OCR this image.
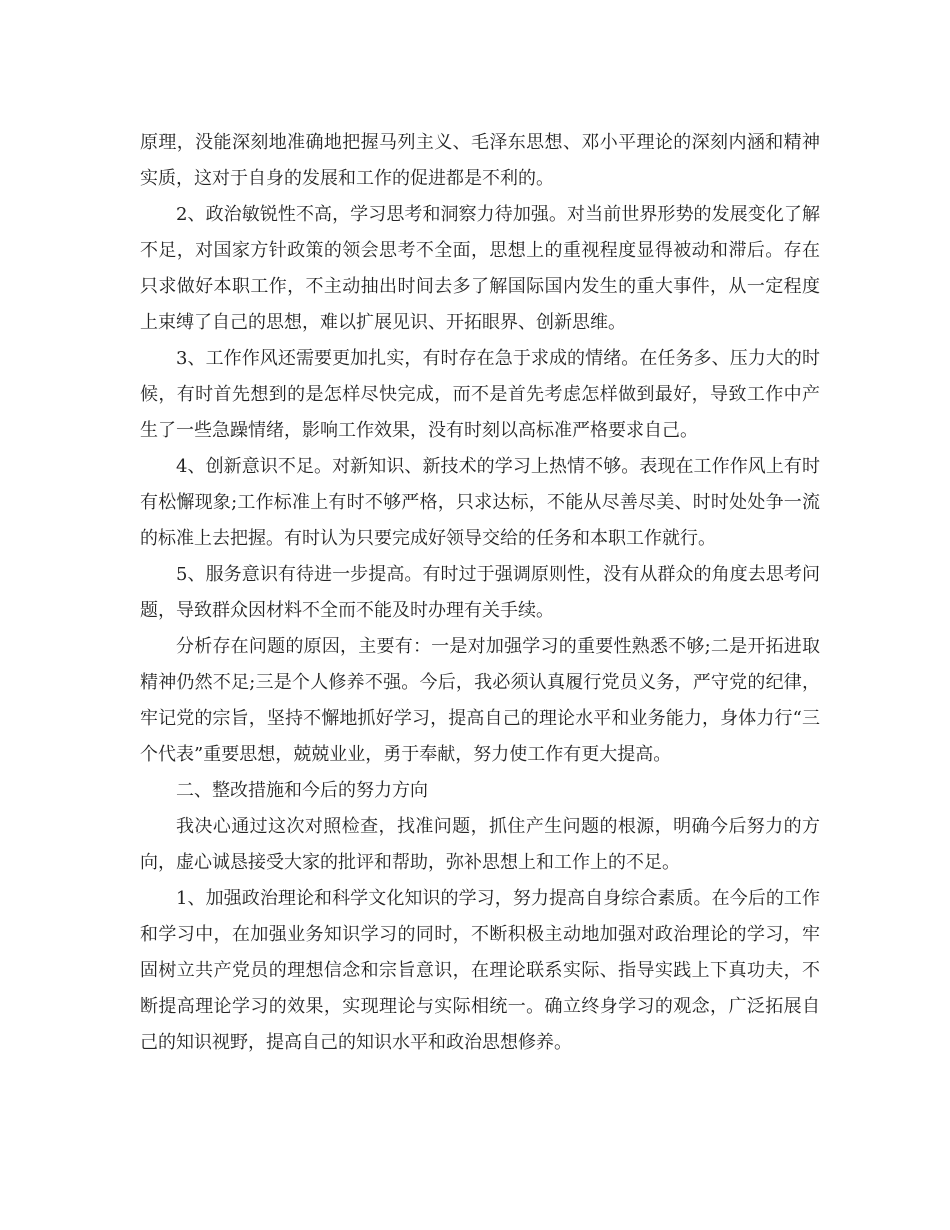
原理，没能深刻地准确地把握马列主义、毛泽东思想、邓小平理论的深刻内涵和精神实质，这对于自身的发展和工作的促进都是不利的。

2、政治敏锐性不高，学习思考和洞察力待加强。对当前世界形势的发展变化了解不足，对国家方针政策的领会思考不全面，思想上的重视程度显得被动和滞后。存在只求做好本职工作，不主动抽出时间去多了解国际国内发生的重大事件，从一定程度上束缚了自己的思想，难以扩展见识、开拓眼界、创新思维。

3、工作作风还需要更加扎实，有时存在急于求成的情绪。在任务多、压力大的时候，有时首先想到的是怎样尽快完成，而不是首先考虑怎样做到最好，导致工作中产生了一些急躁情绪，影响工作效果，没有时刻以高标准严格要求自己。

4、创新意识不足。对新知识、新技术的学习上热情不够。表现在工作作风上有时有松懈现象;工作标准上有时不够严格，只求达标，不能从尽善尽美、时时处处争一流的标准上去把握。有时认为只要完成好领导交给的任务和本职工作就行。

5、服务意识有待进一步提高。有时过于强调原则性，没有从群众的角度去思考问题，导致群众因材料不全而不能及时办理有关手续。

分析存在问题的原因，主要有：一是对加强学习的重要性熟悉不够;二是开拓进取精神仍然不足;三是个人修养不强。今后，我必须认真履行党员义务，严守党的纪律，牢记党的宗旨，坚持不懈地抓好学习，提高自己的理论水平和业务能力，身体力行“三个代表”重要思想，兢兢业业，勇于奉献，努力使工作有更大提高。

二、整改措施和今后的努力方向

我决心通过这次对照检查，找准问题，抓住产生问题的根源，明确今后努力的方向，虚心诚恳接受大家的批评和帮助，弥补思想上和工作上的不足。

1、加强政治理论和科学文化知识的学习，努力提高自身综合素质。在今后的工作和学习中，在加强业务知识学习的同时，不断积极主动地加强对政治理论的学习，牢固树立共产党员的理想信念和宗旨意识，在理论联系实际、指导实践上下真功夫，不断提高理论学习的效果，实现理论与实际相统一。确立终身学习的观念，广泛拓展自己的知识视野，提高自己的知识水平和政治思想修养。
